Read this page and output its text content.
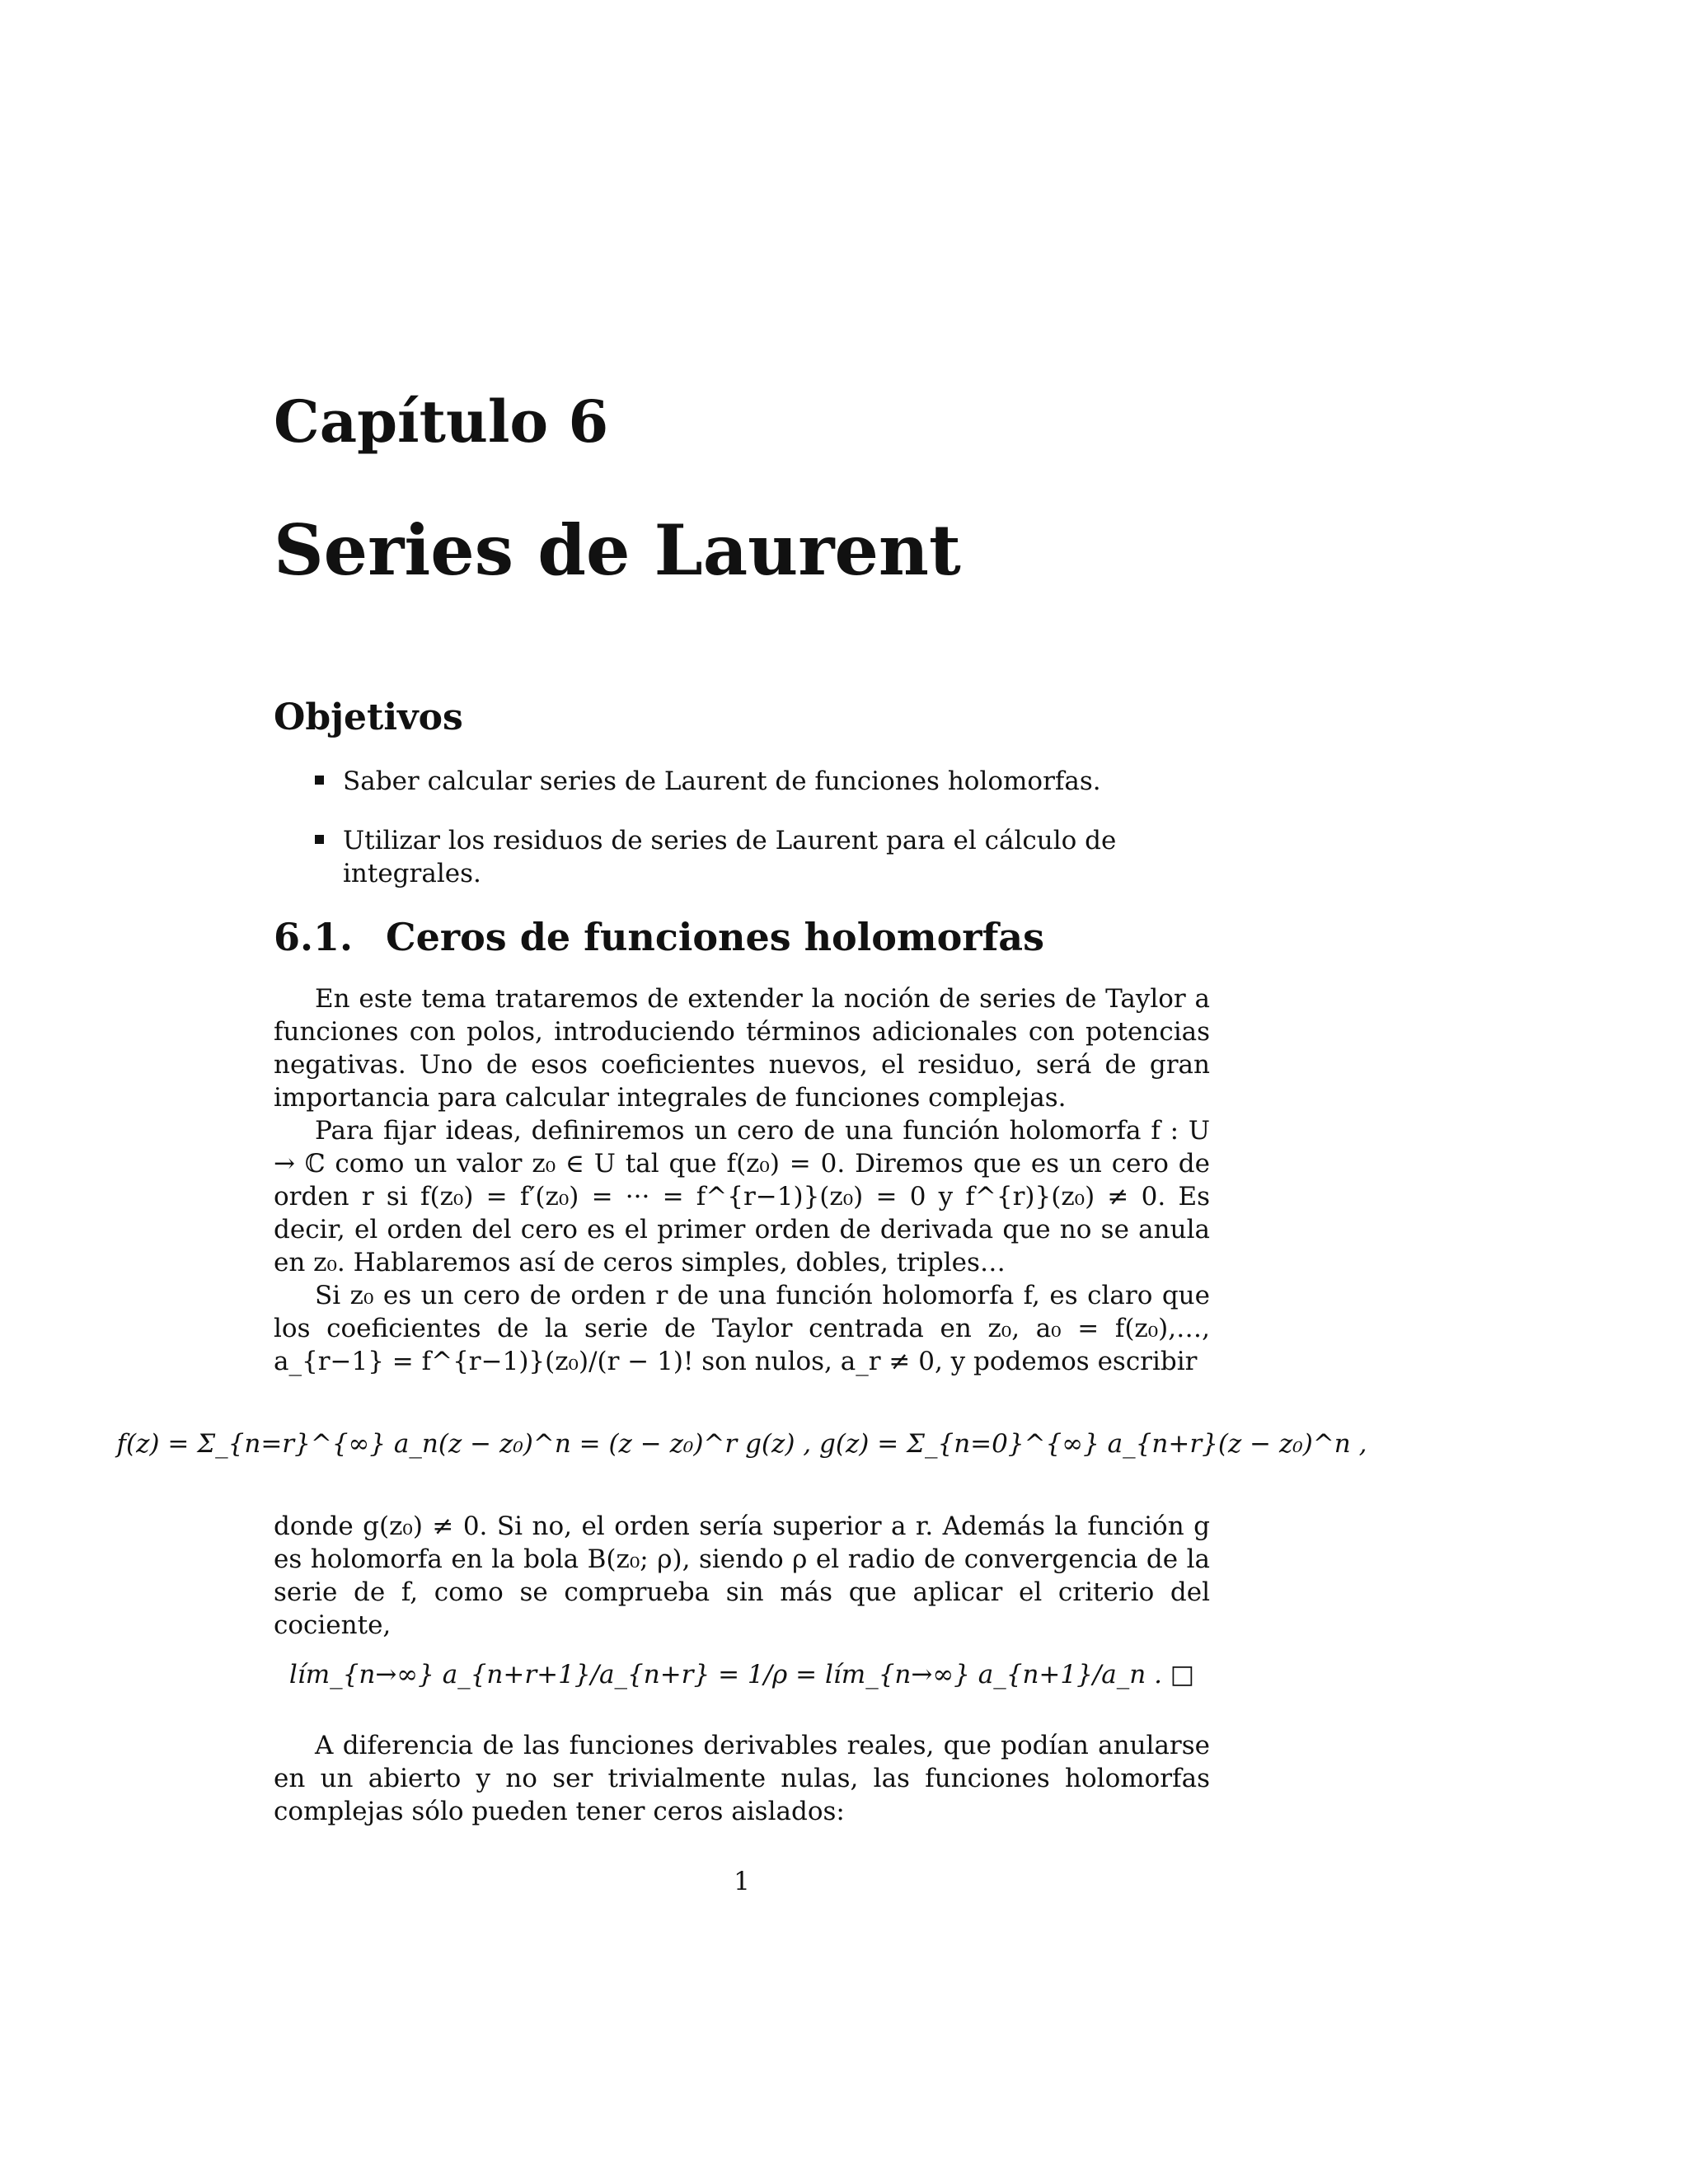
Capítulo 6
Series de Laurent
Objetivos
Saber calcular series de Laurent de funciones holomorfas.
Utilizar los residuos de series de Laurent para el cálculo de integrales.
6.1. Ceros de funciones holomorfas

En este tema trataremos de extender la noción de series de Taylor a funciones con polos, introduciendo términos adicionales con potencias negativas. Uno de esos coeficientes nuevos, el residuo, será de gran importancia para calcular integrales de funciones complejas.

Para fijar ideas, definiremos un cero de una función holomorfa f : U → ℂ como un valor z₀ ∈ U tal que f(z₀) = 0. Diremos que es un cero de orden r si f(z₀) = f′(z₀) = ··· = f^{r−1)}(z₀) = 0 y f^{r)}(z₀) ≠ 0. Es decir, el orden del cero es el primer orden de derivada que no se anula en z₀. Hablaremos así de ceros simples, dobles, triples…

Si z₀ es un cero de orden r de una función holomorfa f, es claro que los coeficientes de la serie de Taylor centrada en z₀, a₀ = f(z₀),…, a_{r−1} = f^{r−1)}(z₀)/(r − 1)! son nulos, a_r ≠ 0, y podemos escribir

f(z) = Σ_{n=r}^{∞} a_n(z − z₀)^n = (z − z₀)^r g(z) , g(z) = Σ_{n=0}^{∞} a_{n+r}(z − z₀)^n ,

donde g(z₀) ≠ 0. Si no, el orden sería superior a r. Además la función g es holomorfa en la bola B(z₀; ρ), siendo ρ el radio de convergencia de la serie de f, como se comprueba sin más que aplicar el criterio del cociente,

lím_{n→∞} a_{n+r+1}/a_{n+r} = 1/ρ = lím_{n→∞} a_{n+1}/a_n . □

A diferencia de las funciones derivables reales, que podían anularse en un abierto y no ser trivialmente nulas, las funciones holomorfas complejas sólo pueden tener ceros aislados:

1
